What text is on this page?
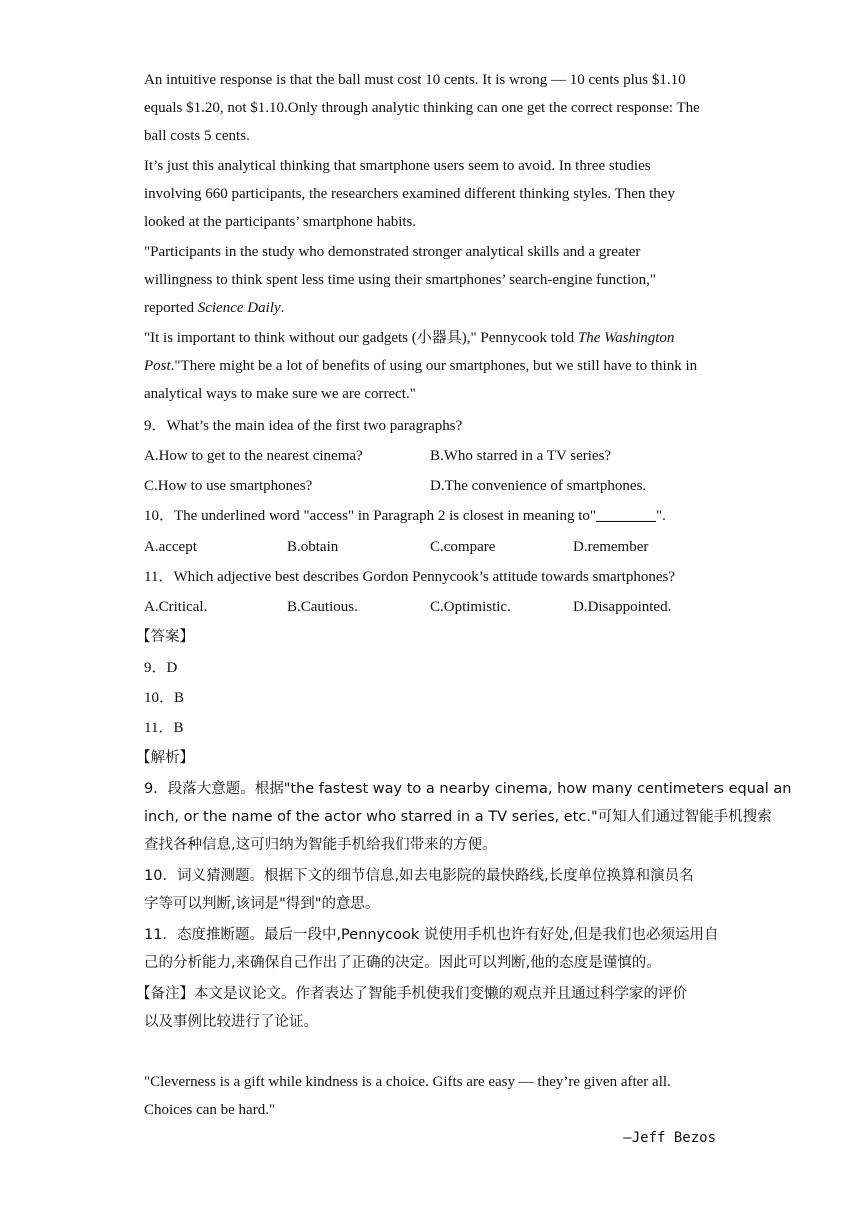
An intuitive response is that the ball must cost 10 cents. It is wrong — 10 cents plus $1.10
equals $1.20, not $1.10.Only through analytic thinking can one get the correct response: The
ball costs 5 cents.
It’s just this analytical thinking that smartphone users seem to avoid. In three studies
involving 660 participants, the researchers examined different thinking styles. Then they
looked at the participants’ smartphone habits.
"Participants in the study who demonstrated stronger analytical skills and a greater
willingness to think spent less time using their smartphones’ search-engine function,"
reported Science Daily.
"It is important to think without our gadgets (小器具)," Pennycook told The Washington
Post."There might be a lot of benefits of using our smartphones, but we still have to think in
analytical ways to make sure we are correct."
9．What’s the main idea of the first two paragraphs?
A.How to get to the nearest cinema?	B.Who starred in a TV series?
C.How to use smartphones?	D.The convenience of smartphones.
10．The underlined word "access" in Paragraph 2 is closest in meaning to"________".
A.accept	B.obtain	C.compare	D.remember
11．Which adjective best describes Gordon Pennycook’s attitude towards smartphones?
A.Critical.	B.Cautious.	C.Optimistic.	D.Disappointed.
【答案】
9．D
10．B
11．B
【解析】
9．段落大意题。根据"the fastest way to a nearby cinema, how many centimeters equal an
inch, or the name of the actor who starred in a TV series, etc."可知人们通过智能手机搜索
查找各种信息,这可归纳为智能手机给我们带来的方便。
10．词义猜测题。根据下文的细节信息,如去电影院的最快路线,长度单位换算和演员名
字等可以判断,该词是"得到"的意思。
11．态度推断题。最后一段中,Pennycook 说使用手机也许有好处,但是我们也必须运用自
己的分析能力,来确保自己作出了正确的决定。因此可以判断,他的态度是谨慎的。
【备注】本文是议论文。作者表达了智能手机使我们变懒的观点并且通过科学家的评价
以及事例比较进行了论证。
"Cleverness is a gift while kindness is a choice. Gifts are easy — they’re given after all.
Choices can be hard."
—Jeff Bezos
